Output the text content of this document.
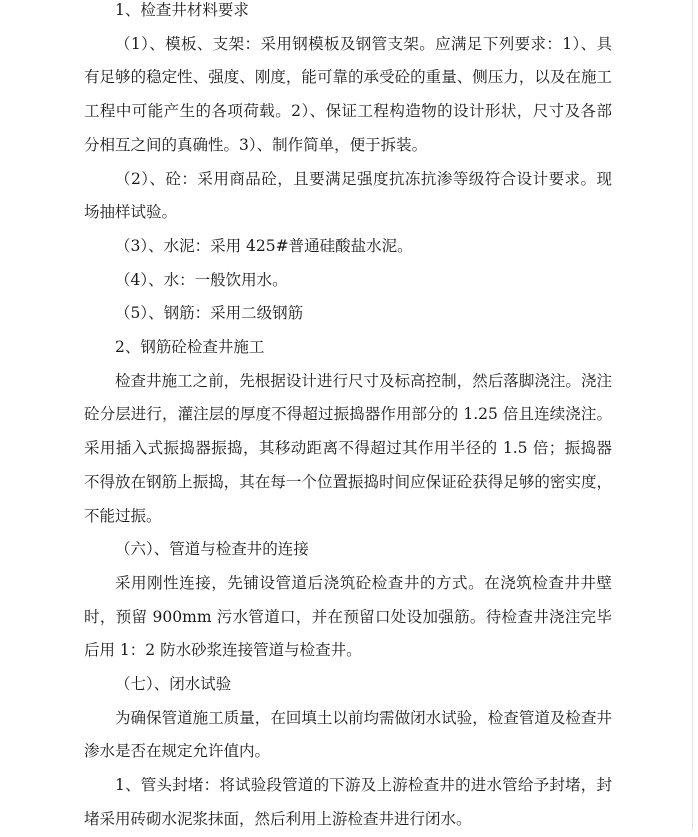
1、检查井材料要求

（1）、模板、支架：采用钢模板及钢管支架。应满足下列要求：1）、具有足够的稳定性、强度、刚度，能可靠的承受砼的重量、侧压力，以及在施工工程中可能产生的各项荷载。2）、保证工程构造物的设计形状，尺寸及各部分相互之间的真确性。3）、制作简单，便于拆装。

（2）、砼：采用商品砼，且要满足强度抗冻抗渗等级符合设计要求。现场抽样试验。

（3）、水泥：采用 425#普通硅酸盐水泥。

（4）、水：一般饮用水。

（5）、钢筋：采用二级钢筋

2、钢筋砼检查井施工

检查井施工之前，先根据设计进行尺寸及标高控制，然后落脚浇注。浇注砼分层进行，灌注层的厚度不得超过振捣器作用部分的 1.25 倍且连续浇注。采用插入式振捣器振捣，其移动距离不得超过其作用半径的 1.5 倍；振捣器不得放在钢筋上振捣，其在每一个位置振捣时间应保证砼获得足够的密实度，不能过振。

（六）、管道与检查井的连接

采用刚性连接，先铺设管道后浇筑砼检查井的方式。在浇筑检查井井壁时，预留 900mm 污水管道口，并在预留口处设加强筋。待检查井浇注完毕后用 1：2 防水砂浆连接管道与检查井。

（七）、闭水试验

为确保管道施工质量，在回填土以前均需做闭水试验，检查管道及检查井渗水是否在规定允许值内。

1、管头封堵：将试验段管道的下游及上游检查井的进水管给予封堵，封堵采用砖砌水泥浆抹面，然后利用上游检查井进行闭水。
